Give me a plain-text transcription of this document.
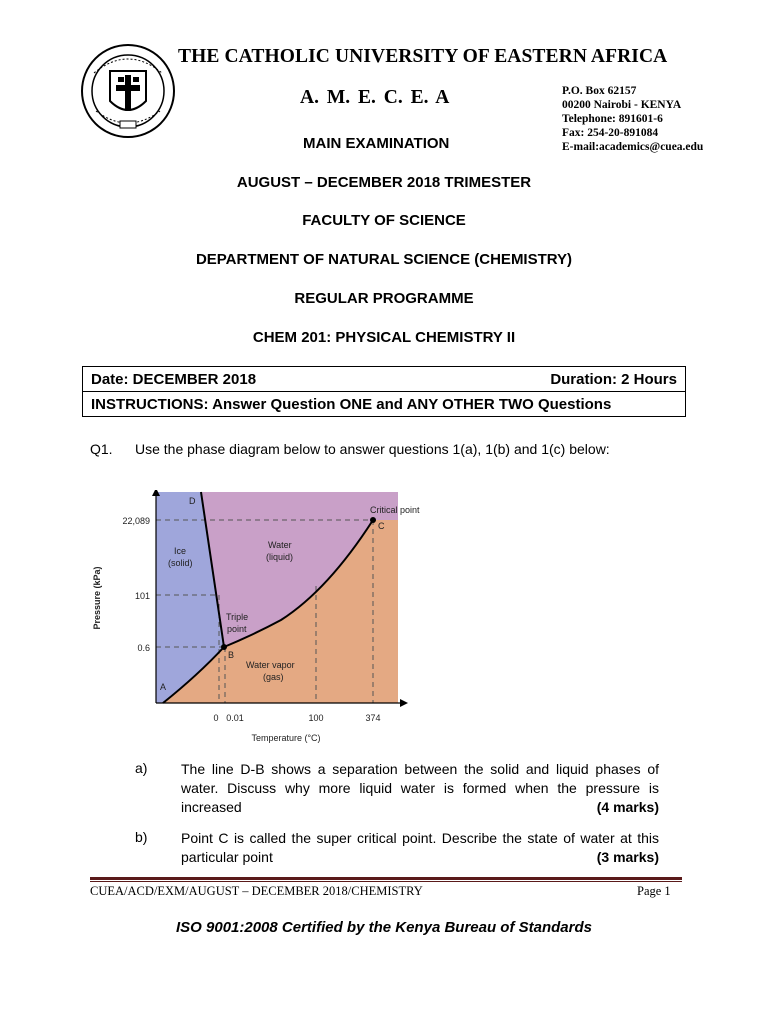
THE CATHOLIC UNIVERSITY OF EASTERN AFRICA
A. M. E. C. E. A	P.O. Box 62157
00200 Nairobi - KENYA
Telephone: 891601-6
Fax: 254-20-891084
E-mail:academics@cuea.edu
MAIN EXAMINATION
AUGUST – DECEMBER 2018 TRIMESTER
FACULTY OF SCIENCE
DEPARTMENT OF NATURAL SCIENCE (CHEMISTRY)
REGULAR PROGRAMME
CHEM 201: PHYSICAL CHEMISTRY II
Date: DECEMBER 2018	Duration: 2 Hours

INSTRUCTIONS: Answer Question ONE and ANY OTHER TWO Questions
Q1. Use the phase diagram below to answer questions 1(a), 1(b) and 1(c) below:
D
A
B
C
Critical point
Ice
(solid)
Water
(liquid)
Triple
point
Water vapor
(gas)
22,089
101
0.6
0 0.01	100	374
Temperature (°C)
Pressure (kPa)
a) The line D-B shows a separation between the solid and liquid phases of water. Discuss why more liquid water is formed when the pressure is increased	(4 marks)
b) Point C is called the super critical point. Describe the state of water at this particular point	(3 marks)
CUEA/ACD/EXM/AUGUST – DECEMBER 2018/CHEMISTRY	Page 1
ISO 9001:2008 Certified by the Kenya Bureau of Standards
